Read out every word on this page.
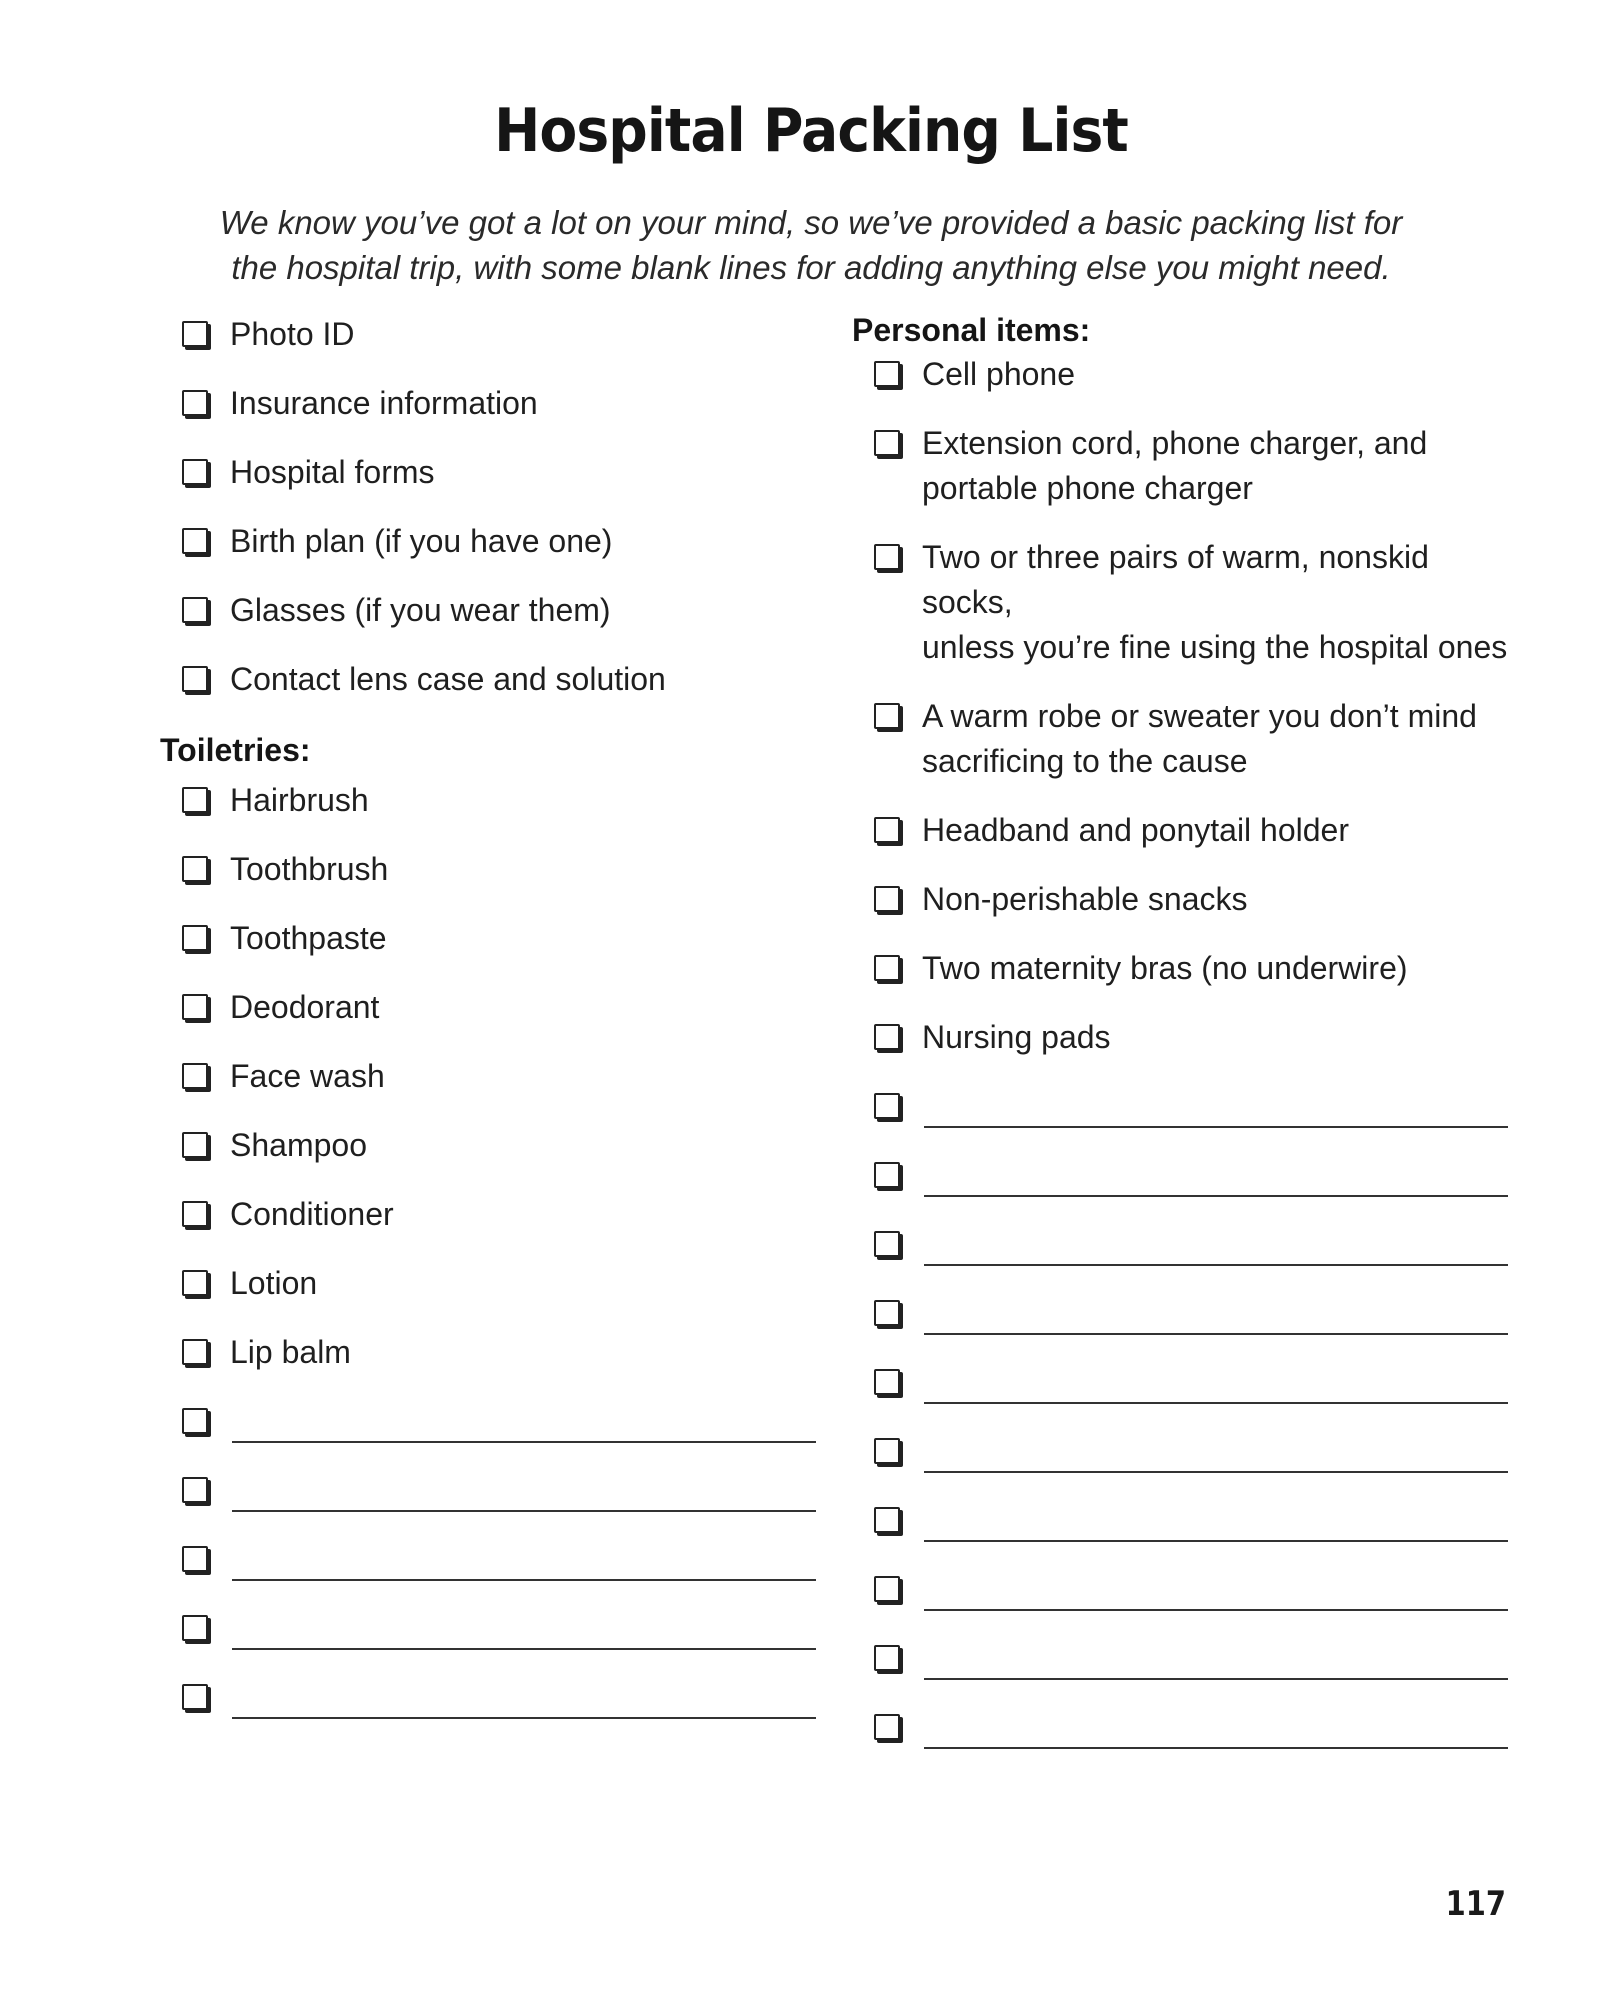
Hospital Packing List
We know you’ve got a lot on your mind, so we’ve provided a basic packing list for
the hospital trip, with some blank lines for adding anything else you might need.
Photo ID
Insurance information
Hospital forms
Birth plan (if you have one)
Glasses (if you wear them)
Contact lens case and solution
Toiletries:
Hairbrush
Toothbrush
Toothpaste
Deodorant
Face wash
Shampoo
Conditioner
Lotion
Lip balm
Personal items:
Cell phone
Extension cord, phone charger, and
portable phone charger
Two or three pairs of warm, nonskid socks,
unless you’re fine using the hospital ones
A warm robe or sweater you don’t mind
sacrificing to the cause
Headband and ponytail holder
Non-perishable snacks
Two maternity bras (no underwire)
Nursing pads
117
